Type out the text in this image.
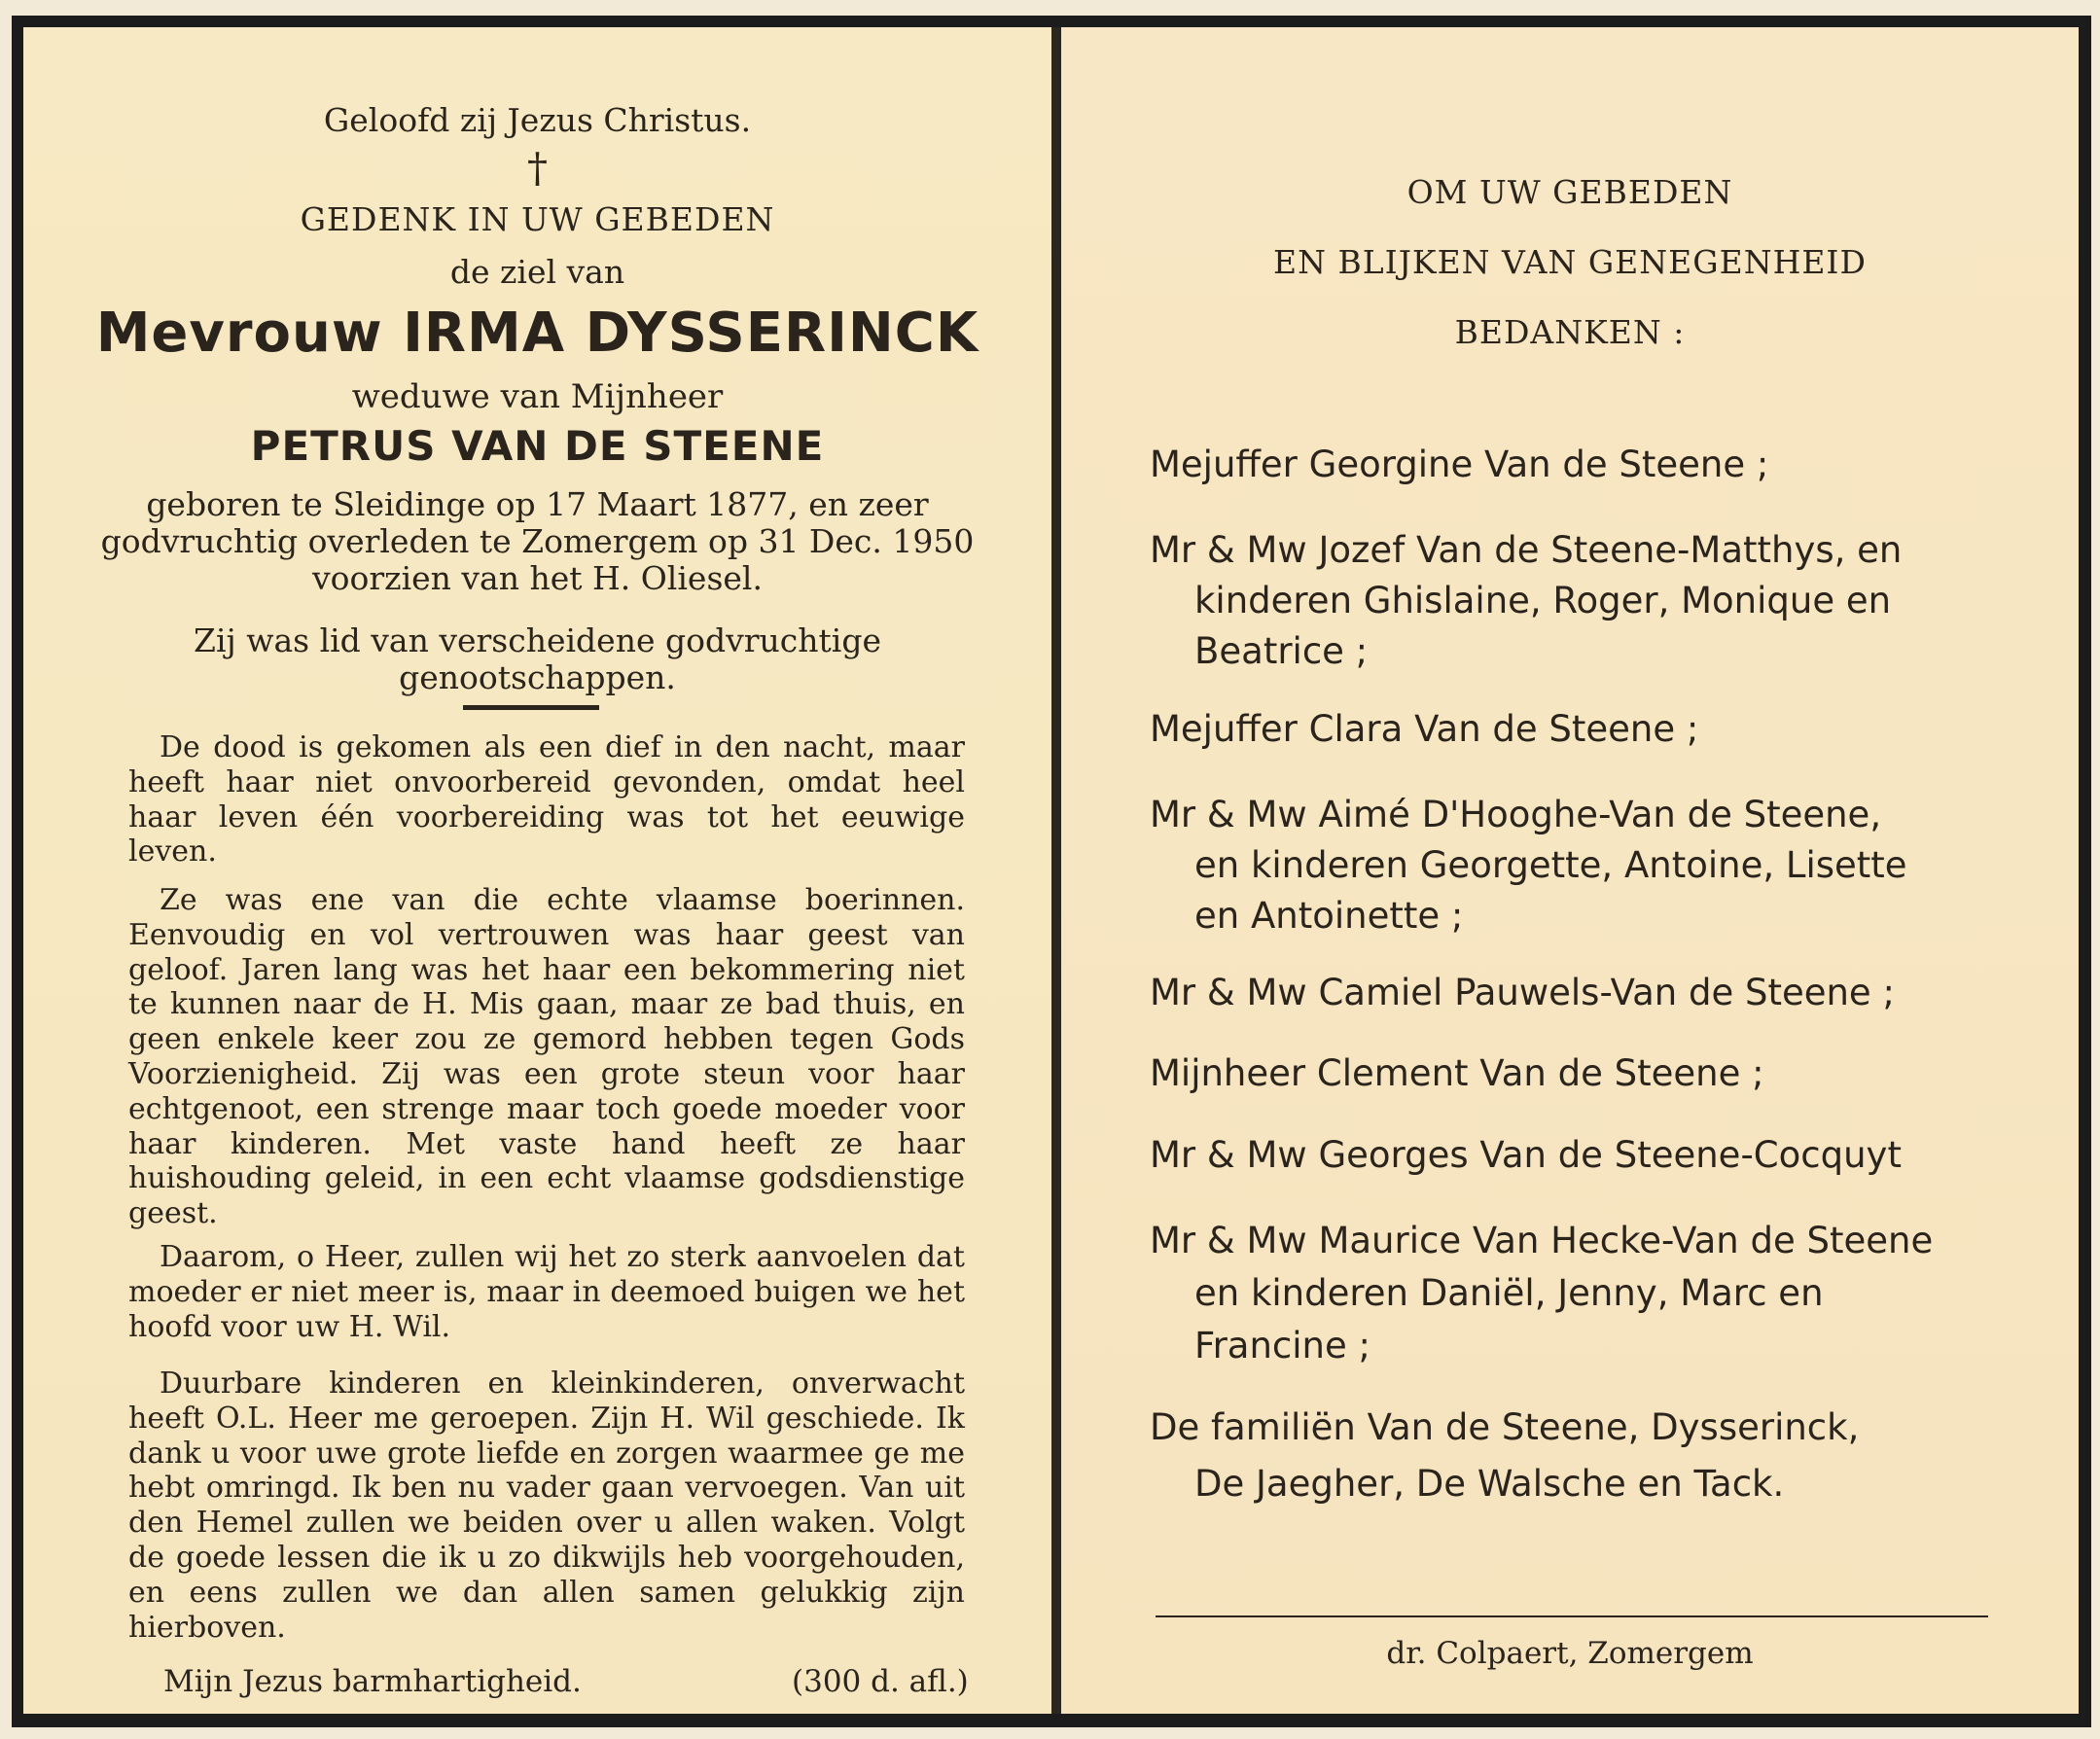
Geloofd zij Jezus Christus.
†
GEDENK IN UW GEBEDEN
de ziel van
Mevrouw IRMA DYSSERINCK
weduwe van Mijnheer
PETRUS VAN DE STEENE
geboren te Sleidinge op 17 Maart 1877, en zeer
godvruchtig overleden te Zomergem op 31 Dec. 1950
voorzien van het H. Oliesel.
Zij was lid van verscheidene godvruchtige
genootschappen.

De dood is gekomen als een dief in den nacht, maar heeft haar niet onvoorbereid gevonden, omdat heel haar leven één voorbereiding was tot het eeuwige leven.

Ze was ene van die echte vlaamse boerinnen. Eenvoudig en vol vertrouwen was haar geest van geloof. Jaren lang was het haar een bekommering niet te kunnen naar de H. Mis gaan, maar ze bad thuis, en geen enkele keer zou ze gemord hebben tegen Gods Voorzienigheid. Zij was een grote steun voor haar echtgenoot, een strenge maar toch goede moeder voor haar kinderen. Met vaste hand heeft ze haar huishouding geleid, in een echt vlaamse godsdienstige geest.

Daarom, o Heer, zullen wij het zo sterk aanvoelen dat moeder er niet meer is, maar in deemoed buigen we het hoofd voor uw H. Wil.

Duurbare kinderen en kleinkinderen, onverwacht heeft O.L. Heer me geroepen. Zijn H. Wil geschiede. Ik dank u voor uwe grote liefde en zorgen waarmee ge me hebt omringd. Ik ben nu vader gaan vervoegen. Van uit den Hemel zullen we beiden over u allen waken. Volgt de goede lessen die ik u zo dikwijls heb voorgehouden, en eens zullen we dan allen samen gelukkig zijn hierboven.

Mijn Jezus barmhartigheid.	(300 d. afl.)
OM UW GEBEDEN
EN BLIJKEN VAN GENEGENHEID
BEDANKEN :
Mejuffer Georgine Van de Steene ;
Mr & Mw Jozef Van de Steene-Matthys, en
kinderen Ghislaine, Roger, Monique en
Beatrice ;
Mejuffer Clara Van de Steene ;
Mr & Mw Aimé D'Hooghe-Van de Steene,
en kinderen Georgette, Antoine, Lisette
en Antoinette ;
Mr & Mw Camiel Pauwels-Van de Steene ;
Mijnheer Clement Van de Steene ;
Mr & Mw Georges Van de Steene-Cocquyt
Mr & Mw Maurice Van Hecke-Van de Steene
en kinderen Daniël, Jenny, Marc en
Francine ;
De familiën Van de Steene, Dysserinck,
De Jaegher, De Walsche en Tack.
dr. Colpaert, Zomergem
